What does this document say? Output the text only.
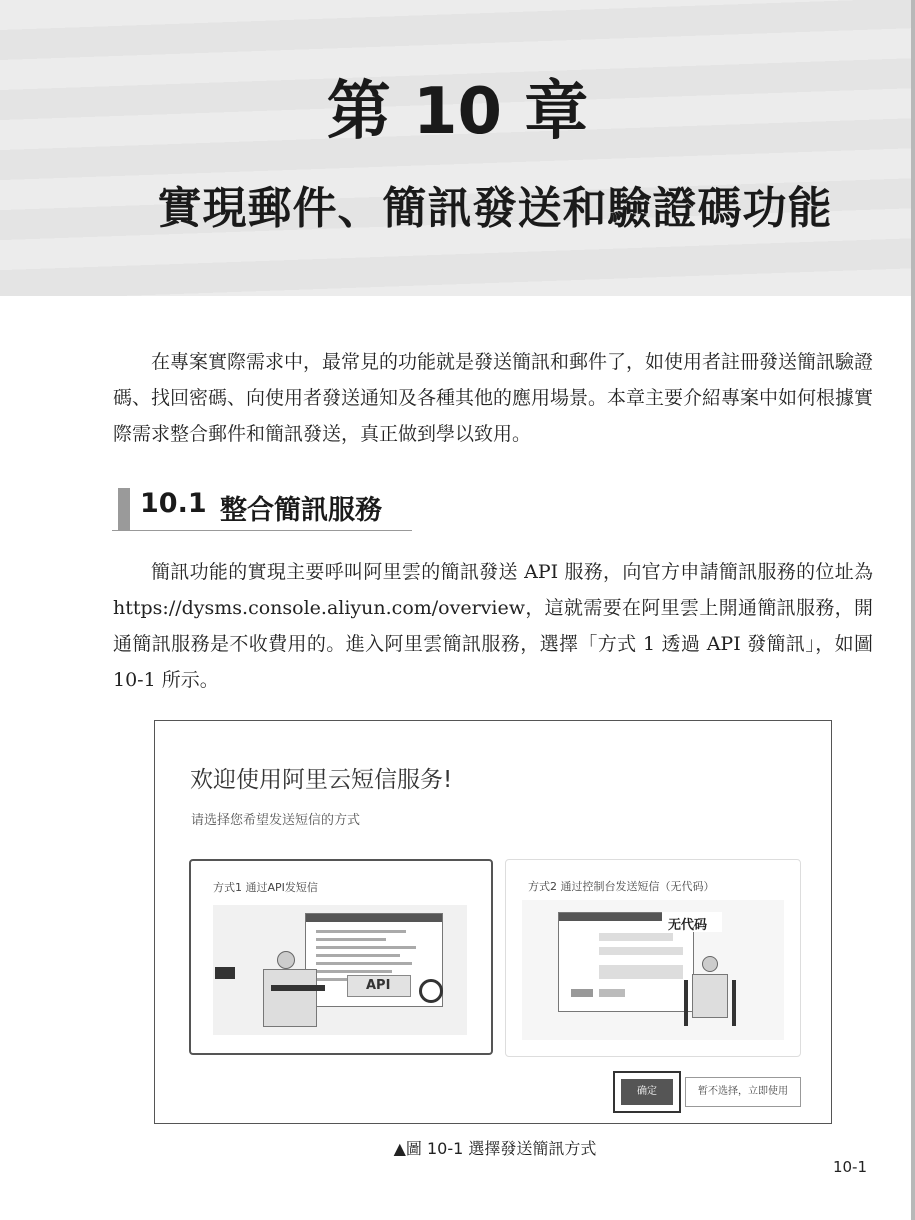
第 10 章
實現郵件、簡訊發送和驗證碼功能
在專案實際需求中，最常見的功能就是發送簡訊和郵件了，如使用者註冊發送簡訊驗證碼、找回密碼、向使用者發送通知及各種其他的應用場景。本章主要介紹專案中如何根據實際需求整合郵件和簡訊發送，真正做到學以致用。
10.1 整合簡訊服務
簡訊功能的實現主要呼叫阿里雲的簡訊發送 API 服務，向官方申請簡訊服務的位址為 https://dysms.console.aliyun.com/overview，這就需要在阿里雲上開通簡訊服務，開通簡訊服務是不收費用的。進入阿里雲簡訊服務，選擇「方式 1 透過 API 發簡訊」，如圖 10-1 所示。
欢迎使用阿里云短信服务!
请选择您希望发送短信的方式
方式1 通过API发短信
API
方式2 通过控制台发送短信（无代码）
无代码
确定	暂不选择，立即使用
▲圖 10-1 選擇發送簡訊方式
10-1
